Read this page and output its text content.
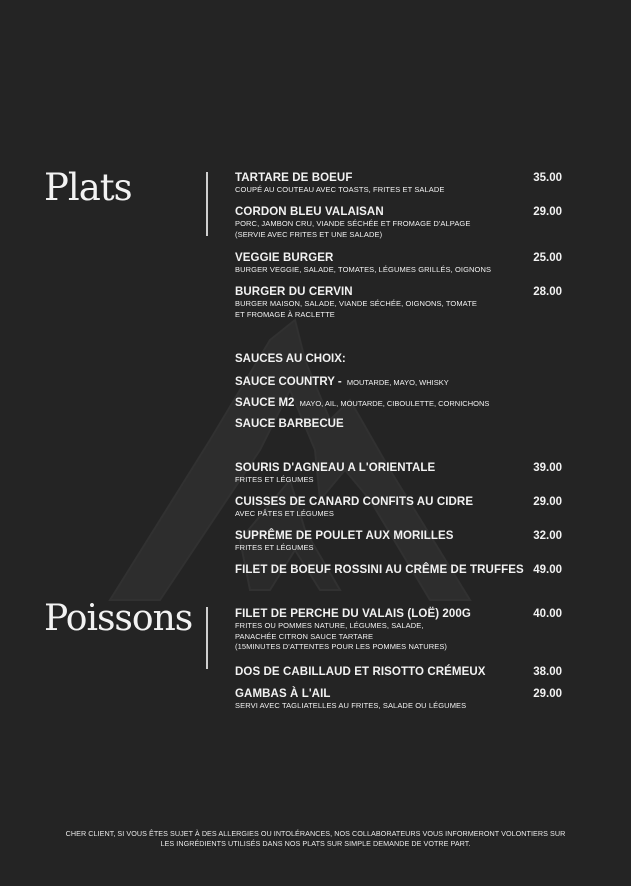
Plats
Poissons
TARTARE DE BOEUF	35.00
COUPÉ AU COUTEAU AVEC TOASTS, FRITES ET SALADE
CORDON BLEU VALAISAN	29.00
PORC, JAMBON CRU, VIANDE SÉCHÉE ET FROMAGE D'ALPAGE
(SERVIE AVEC FRITES ET UNE SALADE)
VEGGIE BURGER	25.00
BURGER VEGGIE, SALADE, TOMATES, LÉGUMES GRILLÉS, OIGNONS
BURGER DU CERVIN	28.00
BURGER MAISON, SALADE, VIANDE SÉCHÉE, OIGNONS, TOMATE
ET FROMAGE À RACLETTE
SAUCES AU CHOIX:
SAUCE COUNTRY - MOUTARDE, MAYO, WHISKY
SAUCE M2 MAYO, AIL, MOUTARDE, CIBOULETTE, CORNICHONS
SAUCE BARBECUE
SOURIS D'AGNEAU A L'ORIENTALE	39.00
FRITES ET LÉGUMES
CUISSES DE CANARD CONFITS AU CIDRE	29.00
AVEC PÂTES ET LÉGUMES
SUPRÊME DE POULET AUX MORILLES	32.00
FRITES ET LÉGUMES
FILET DE BOEUF ROSSINI AU CRÊME DE TRUFFES 49.00
FILET DE PERCHE DU VALAIS (LOË) 200G	40.00
FRITES OU POMMES NATURE, LÉGUMES, SALADE,
PANACHÉE CITRON SAUCE TARTARE
(15MINUTES D'ATTENTES POUR LES POMMES NATURES)
DOS DE CABILLAUD ET RISOTTO CRÉMEUX	38.00
GAMBAS À L'AIL	29.00
SERVI AVEC TAGLIATELLES AU FRITES, SALADE OU LÉGUMES
CHER CLIENT, SI VOUS ÊTES SUJET À DES ALLERGIES OU INTOLÉRANCES, NOS COLLABORATEURS VOUS INFORMERONT VOLONTIERS SUR
LES INGRÉDIENTS UTILISÉS DANS NOS PLATS SUR SIMPLE DEMANDE DE VOTRE PART.
